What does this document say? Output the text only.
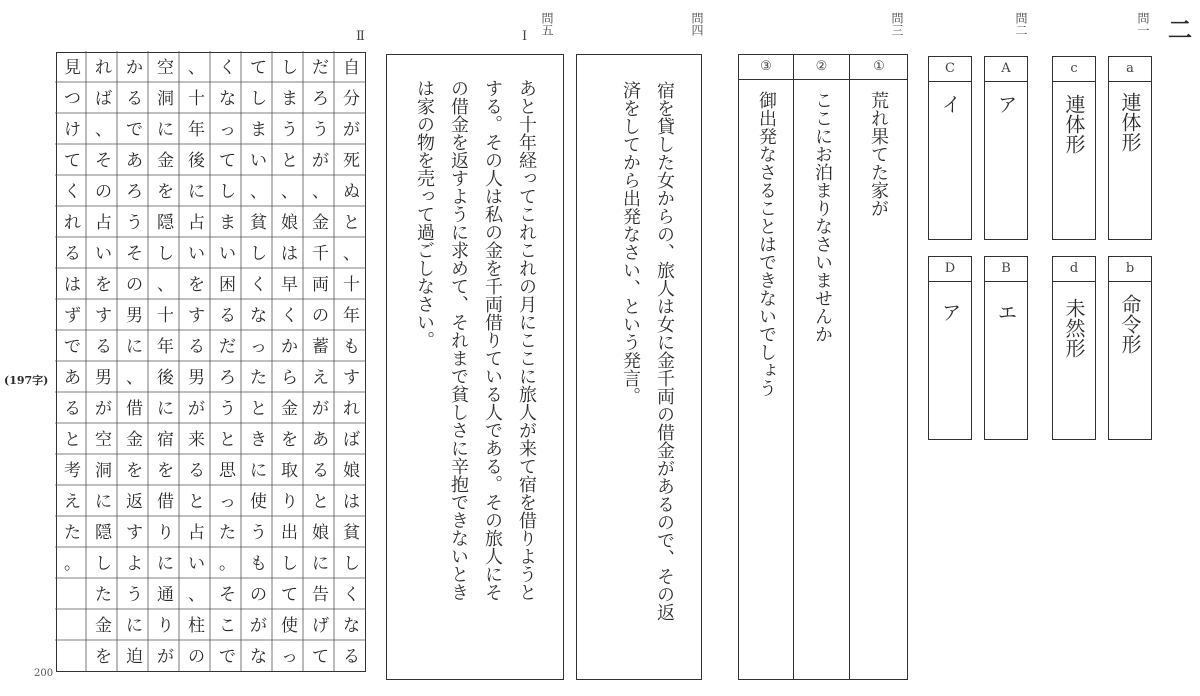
二
問一
a
連体形
b
命令形
c
連体形
d
未然形
問二
A
ア
B
エ
C
イ
D
ア
問三
①
荒れ果てた家が
②
ここにお泊まりなさいませんか
③
御出発なさることはできないでしょう
問四
宿を貸した女からの、旅人は女に金千両の借金があるので、その返
済をしてから出発なさい、という発言。
問五
Ⅰ
あと十年経ってこれこれの月にここに旅人が来て宿を借りようと
する。その人は私の金を千両借りている人である。その旅人にそ
の借金を返すように求めて、それまで貧しさに辛抱できないとき
は家の物を売って過ごしなさい。
Ⅱ
(197字)
200
自
分
が
死
ぬ
と
、
十
年
も
す
れ
ば
娘
は
貧
し
く
な
る
だ
ろ
う
が
、
金
千
両
の
蓄
え
が
あ
る
と
娘
に
告
げ
て
し
ま
う
と
、
娘
は
早
く
か
ら
金
を
取
り
出
し
て
使
っ
て
し
ま
い
、
貧
し
く
な
っ
た
と
き
に
使
う
も
の
が
な
く
な
っ
て
し
ま
い
困
る
だ
ろ
う
と
思
っ
た
。
そ
こ
で
、
十
年
後
に
占
い
を
す
る
男
が
来
る
と
占
い
、
柱
の
空
洞
に
金
を
隠
し
、
十
年
後
に
宿
を
借
り
に
通
り
が
か
る
で
あ
ろ
う
そ
の
男
に
、
借
金
を
返
す
よ
う
に
迫
れ
ば
、
そ
の
占
い
を
す
る
男
が
空
洞
に
隠
し
た
金
を
見
つ
け
て
く
れ
る
は
ず
で
あ
る
と
考
え
た
。
